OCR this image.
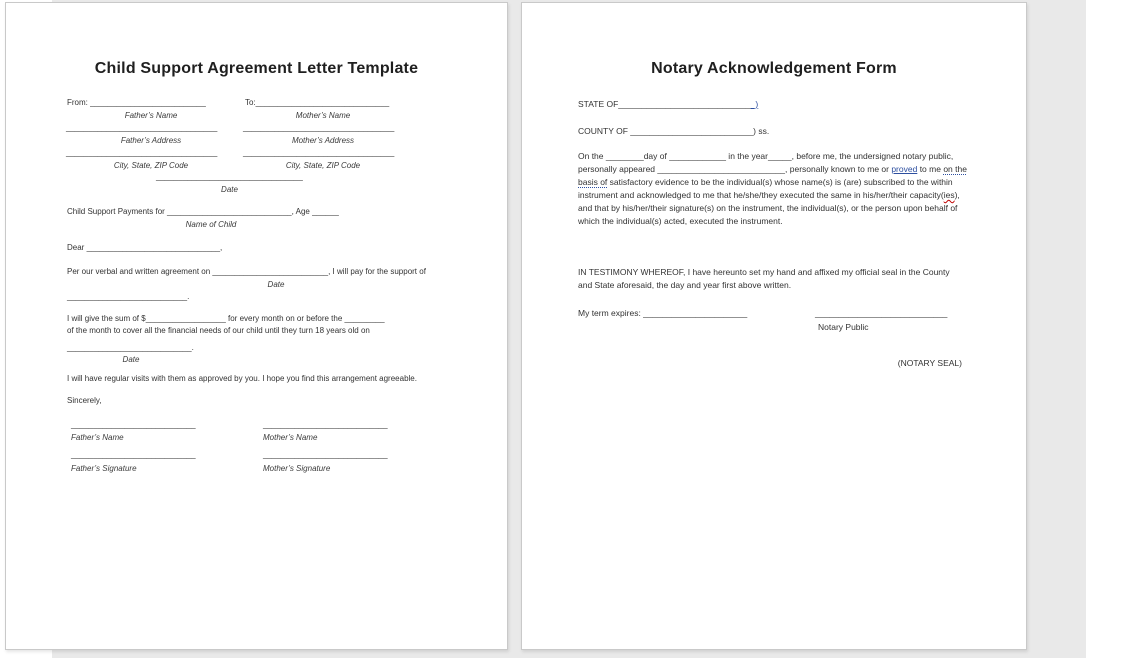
Child Support Agreement Letter Template
From: __________________________	To:______________________________
Father’s Name	Mother’s Name
__________________________________	__________________________________
Father’s Address	Mother’s Address
__________________________________	__________________________________
City, State, ZIP Code	City, State, ZIP Code
_________________________________
Date
Child Support Payments for ____________________________, Age ______
Name of Child
Dear ______________________________,
Per our verbal and written agreement on __________________________, I will pay for the support of
Date
___________________________.
I will give the sum of $__________________ for every month on or before the _________
of the month to cover all the financial needs of our child until they turn 18 years old on
____________________________.
Date
I will have regular visits with them as approved by you. I hope you find this arrangement agreeable.
Sincerely,
____________________________	____________________________
Father’s Name	Mother’s Name
____________________________	____________________________
Father’s Signature	Mother’s Signature
Notary Acknowledgement Form
STATE OF_____________________________)
COUNTY OF __________________________) ss.
On the ________day of ____________ in the year_____, before me, the undersigned notary public, personally appeared ___________________________, personally known to me or proved to me on the basis of satisfactory evidence to be the individual(s) whose name(s) is (are) subscribed to the within instrument and acknowledged to me that he/she/they executed the same in his/her/their capacity(ies), and that by his/her/their signature(s) on the instrument, the individual(s), or the person upon behalf of which the individual(s) acted, executed the instrument.
IN TESTIMONY WHEREOF, I have hereunto set my hand and affixed my official seal in the County and State aforesaid, the day and year first above written.
My term expires: ______________________	____________________________
Notary Public
(NOTARY SEAL)
